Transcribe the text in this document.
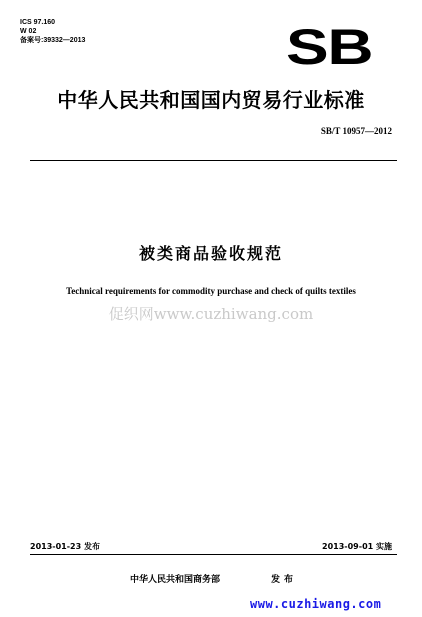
ICS 97.160
W 02
备案号:39332—2013	SB
中华人民共和国国内贸易行业标准
SB/T 10957—2012
被类商品验收规范
Technical requirements for commodity purchase and check of quilts textiles
促织网www.cuzhiwang.com
2013-01-23 发布	2013-09-01 实施
中华人民共和国商务部	发布
www.cuzhiwang.com
